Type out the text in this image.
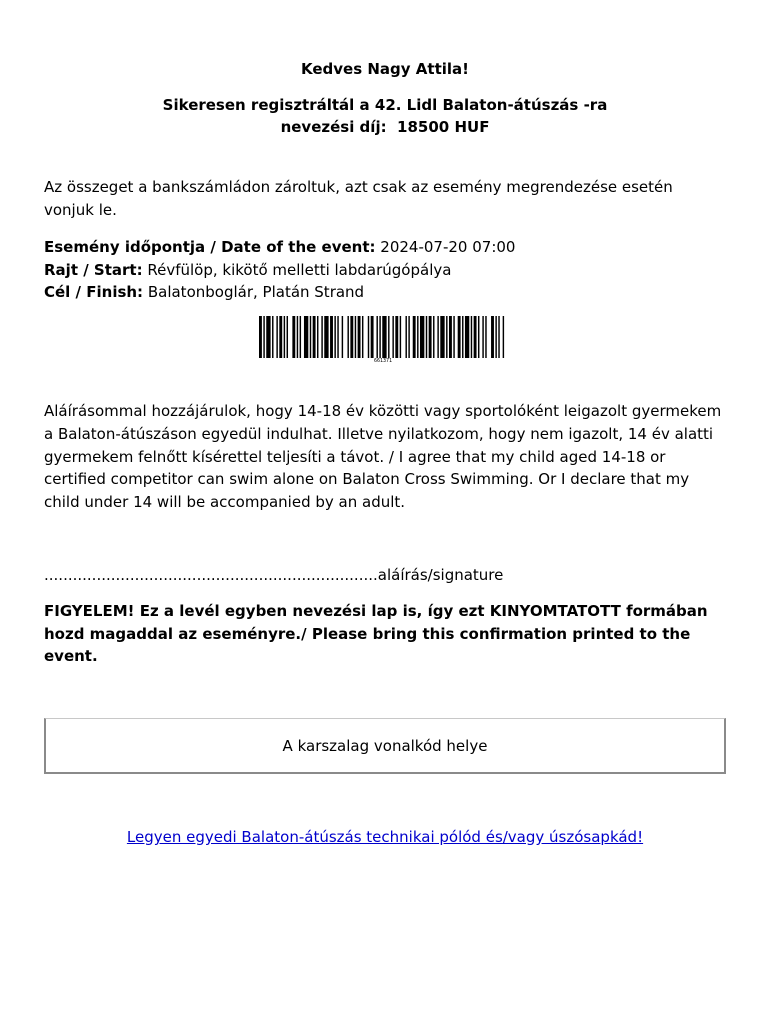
Kedves Nagy Attila!
Sikeresen regisztráltál a 42. Lidl Balaton-átúszás -ra
nevezési díj: 18500 HUF

Az összeget a bankszámládon zároltuk, azt csak az esemény megrendezése esetén vonjuk le.

Esemény időpontja / Date of the event: 2024-07-20 07:00
Rajt / Start: Révfülöp, kikötő melletti labdarúgópálya
Cél / Finish: Balatonboglár, Platán Strand
661371

Aláírásommal hozzájárulok, hogy 14-18 év közötti vagy sportolóként leigazolt gyermekem a Balaton-átúszáson egyedül indulhat. Illetve nyilatkozom, hogy nem igazolt, 14 év alatti gyermekem felnőtt kísérettel teljesíti a távot. / I agree that my child aged 14-18 or certified competitor can swim alone on Balaton Cross Swimming. Or I declare that my child under 14 will be accompanied by an adult.

......................................................................aláírás/signature

FIGYELEM! Ez a levél egyben nevezési lap is, így ezt KINYOMTATOTT formában hozd magaddal az eseményre./ Please bring this confirmation printed to the event.

A karszalag vonalkód helye
Legyen egyedi Balaton-átúszás technikai pólód és/vagy úszósapkád!
